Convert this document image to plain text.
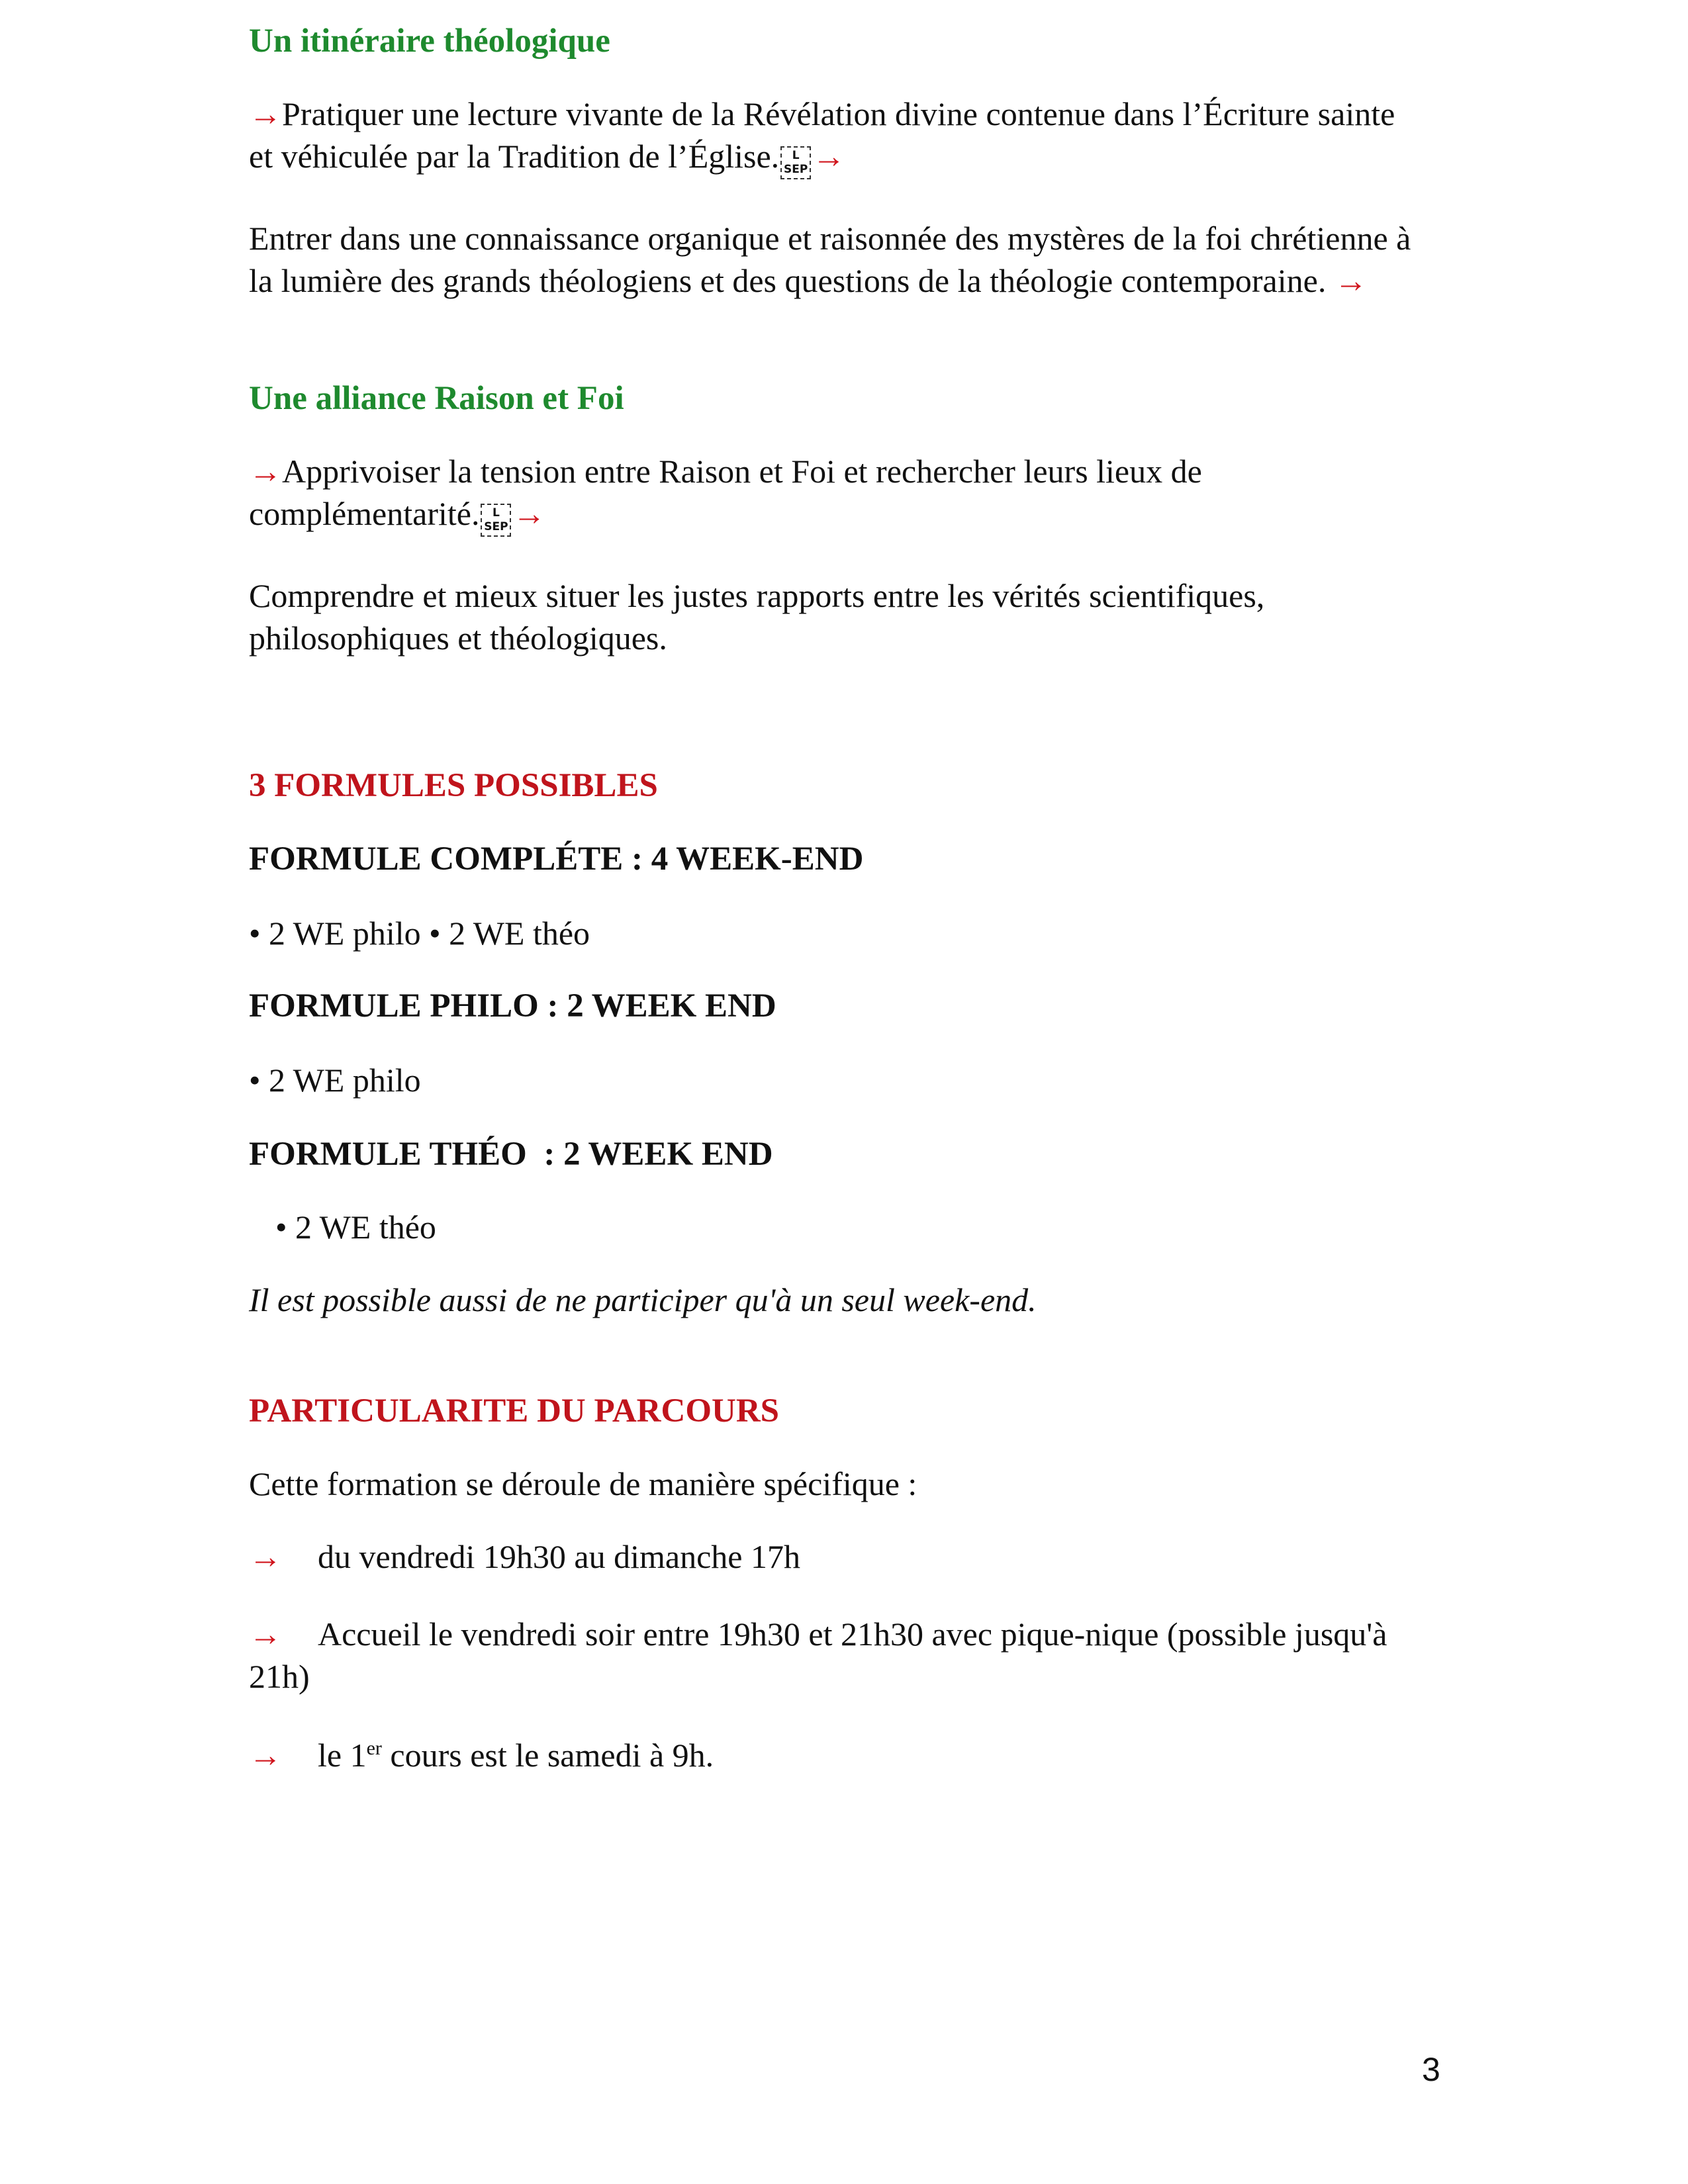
Un itinéraire théologique
→Pratiquer une lecture vivante de la Révélation divine contenue dans l’Écriture sainte et véhiculée par la Tradition de l’Église.	L
SEP →
Entrer dans une connaissance organique et raisonnée des mystères de la foi chrétienne à la lumière des grands théologiens et des questions de la théologie contemporaine. →
Une alliance Raison et Foi
→Apprivoiser la tension entre Raison et Foi et rechercher leurs lieux de complémentarité.	L
SEP →
Comprendre et mieux situer les justes rapports entre les vérités scientifiques, philosophiques et théologiques.
3 FORMULES POSSIBLES
FORMULE COMPLÉTE : 4 WEEK-END
• 2 WE philo • 2 WE théo
FORMULE PHILO : 2 WEEK END
• 2 WE philo
FORMULE THÉO  : 2 WEEK END
• 2 WE théo
Il est possible aussi de ne participer qu'à un seul week-end.
PARTICULARITE DU PARCOURS
Cette formation se déroule de manière spécifique :
→ du vendredi 19h30 au dimanche 17h
→ Accueil le vendredi soir entre 19h30 et 21h30 avec pique-nique (possible jusqu'à 21h)
→ le 1er cours est le samedi à 9h.
3
